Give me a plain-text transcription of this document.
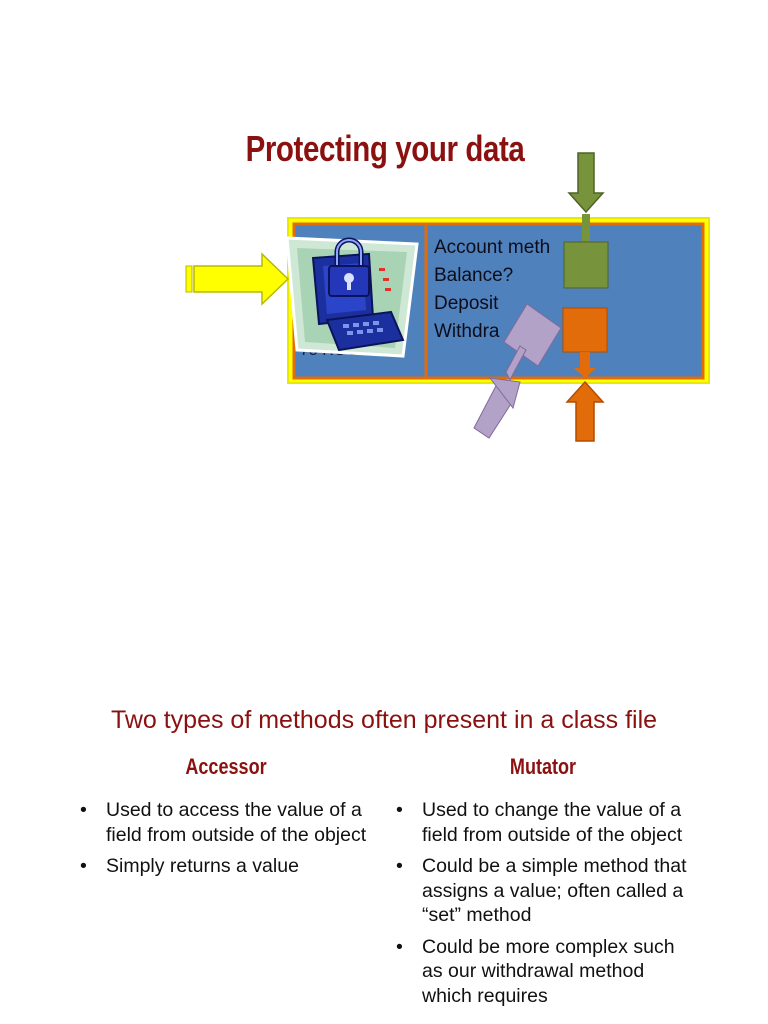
Protecting your data
Account meth
Balance?
Deposit
Withdra
Two types of methods often present in a class file
Accessor	Mutator
• Used to access the value of a field from outside of the object
• Simply returns a value
• Used to change the value of a field from outside of the object
• Could be a simple method that assigns a value; often called a “set” method
• Could be more complex such as our withdrawal method which requires
